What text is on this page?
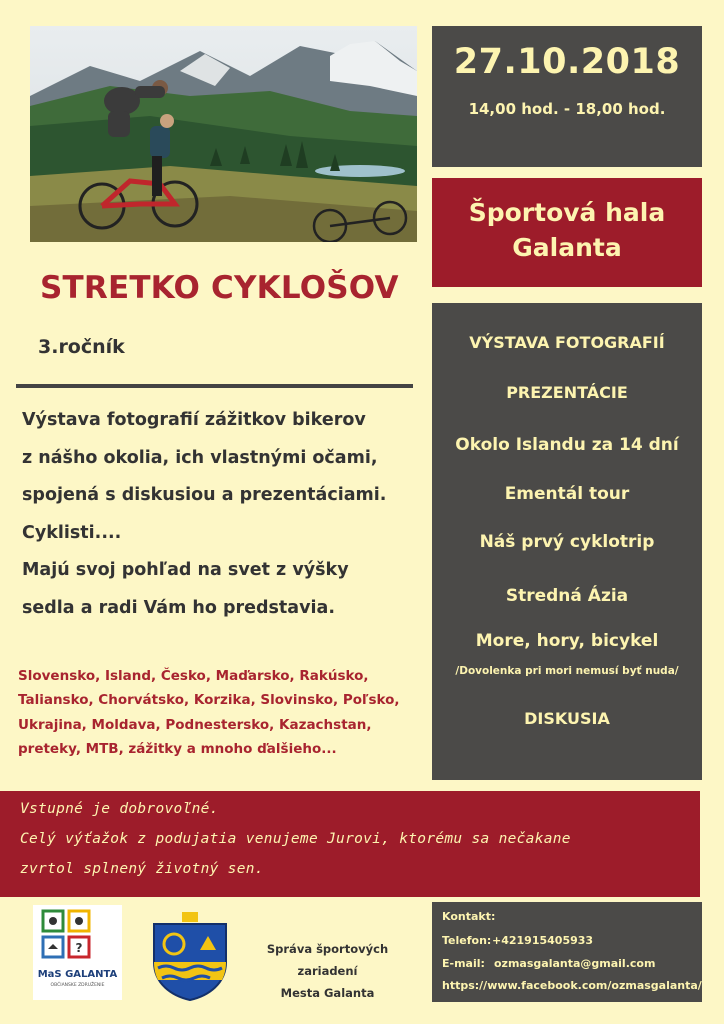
STRETKO CYKLOŠOV
3.ročník
Výstava fotografií zážitkov bikerov
z nášho okolia, ich vlastnými očami,
spojená s diskusiou a prezentáciami.
Cyklisti....
Majú svoj pohľad na svet z výšky
sedla a radi Vám ho predstavia.
Slovensko, Island, Česko, Maďarsko, Rakúsko,
Taliansko, Chorvátsko, Korzika, Slovinsko, Poľsko,
Ukrajina, Moldava, Podnestersko, Kazachstan,
preteky, MTB, zážitky a mnoho ďalšieho...
27.10.2018
14,00 hod. - 18,00 hod.
Športová hala
Galanta
VÝSTAVA FOTOGRAFIÍ
PREZENTÁCIE
Okolo Islandu za 14 dní
Ementál tour
Náš prvý cyklotrip
Stredná Ázia
More, hory, bicykel
/Dovolenka pri mori nemusí byť nuda/
DISKUSIA
Vstupné je dobrovoľné.
Celý výťažok z podujatia venujeme Jurovi, ktorému sa nečakane
zvrtol splnený životný sen.
?
MaS GALANTA
OBČIANSKE ZDRUŽENIE
Správa športových zariadení
Mesta Galanta
Kontakt:
Telefon: +421915405933
E-mail: ozmasgalanta@gmail.com
https://www.facebook.com/ozmasgalanta/
